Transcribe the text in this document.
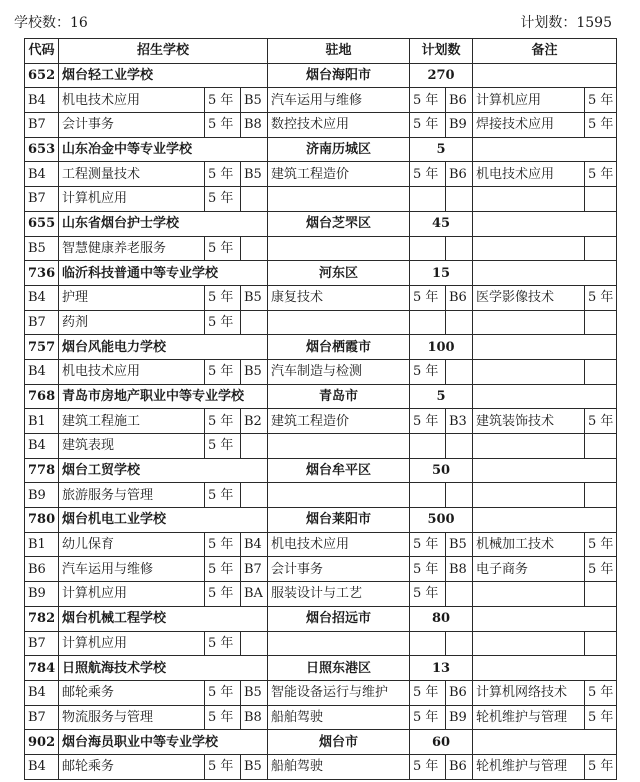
学校数：16	计划数：1595
代码	招生学校			驻地	计划数		备注	
652	烟台轻工业学校			烟台海阳市	270			
B4	机电技术应用	5 年	B5	汽车运用与维修	5 年	B6	计算机应用	5 年
B7	会计事务	5 年	B8	数控技术应用	5 年	B9	焊接技术应用	5 年
653	山东冶金中等专业学校			济南历城区	5			
B4	工程测量技术	5 年	B5	建筑工程造价	5 年	B6	机电技术应用	5 年
B7	计算机应用	5 年						
655	山东省烟台护士学校			烟台芝罘区	45			
B5	智慧健康养老服务	5 年						
736	临沂科技普通中等专业学校			河东区	15			
B4	护理	5 年	B5	康复技术	5 年	B6	医学影像技术	5 年
B7	药剂	5 年						
757	烟台风能电力学校			烟台栖霞市	100			
B4	机电技术应用	5 年	B5	汽车制造与检测	5 年			
768	青岛市房地产职业中等专业学校			青岛市	5			
B1	建筑工程施工	5 年	B2	建筑工程造价	5 年	B3	建筑装饰技术	5 年
B4	建筑表现	5 年						
778	烟台工贸学校			烟台牟平区	50			
B9	旅游服务与管理	5 年						
780	烟台机电工业学校			烟台莱阳市	500			
B1	幼儿保育	5 年	B4	机电技术应用	5 年	B5	机械加工技术	5 年
B6	汽车运用与维修	5 年	B7	会计事务	5 年	B8	电子商务	5 年
B9	计算机应用	5 年	BA	服装设计与工艺	5 年			
782	烟台机械工程学校			烟台招远市	80			
B7	计算机应用	5 年						
784	日照航海技术学校			日照东港区	13			
B4	邮轮乘务	5 年	B5	智能设备运行与维护	5 年	B6	计算机网络技术	5 年
B7	物流服务与管理	5 年	B8	船舶驾驶	5 年	B9	轮机维护与管理	5 年
902	烟台海员职业中等专业学校			烟台市	60			
B4	邮轮乘务	5 年	B5	船舶驾驶	5 年	B6	轮机维护与管理	5 年
